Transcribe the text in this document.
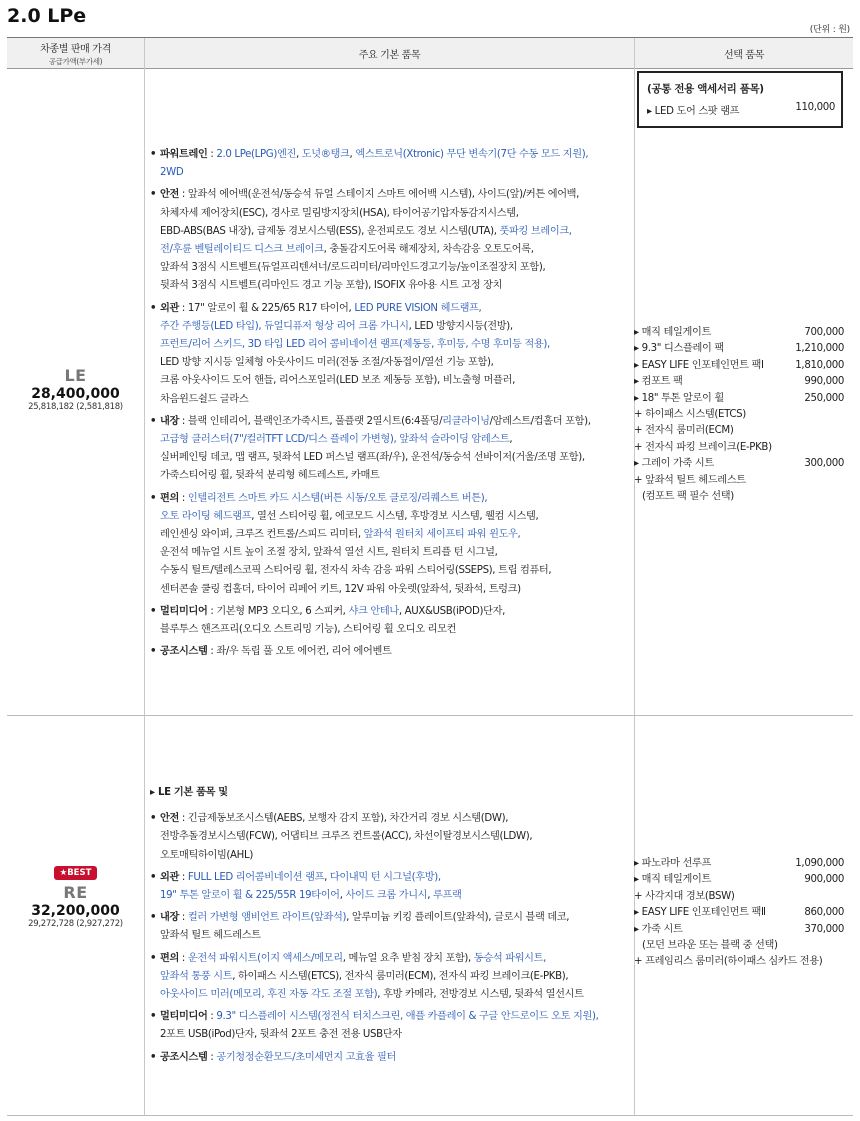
2.0 LPe
(단위 : 원)
차종별 판매 가격
공급가액(부가세)
주요 기본 품목	선택 품목
(공통 전용 액세서리 품목)
▸ LED 도어 스팟 램프	110,000
LE
28,400,000
25,818,182 (2,581,818)
• 파워트레인 : 2.0 LPe(LPG)엔진, 도넛®탱크, 엑스트로닉(Xtronic) 무단 변속기(7단 수동 모드 지원),
2WD
• 안전 : 앞좌석 에어백(운전석/동승석 듀얼 스테이지 스마트 에어백 시스템), 사이드(앞)/커튼 에어백,
차체자세 제어장치(ESC), 경사로 밀림방지장치(HSA), 타이어공기압자동감지시스템,
EBD-ABS(BAS 내장), 급제동 경보시스템(ESS), 운전피로도 경보 시스템(UTA), 풋파킹 브레이크,
전/후륜 벤틸레이티드 디스크 브레이크, 충돌감지도어록 해제장치, 차속감응 오토도어록,
앞좌석 3점식 시트벨트(듀얼프리텐셔너/로드리미터/리마인드경고기능/높이조절장치 포함),
뒷좌석 3점식 시트벨트(리마인드 경고 기능 포함), ISOFIX 유아용 시트 고정 장치
• 외관 : 17" 알로이 휠 & 225/65 R17 타이어, LED PURE VISION 헤드램프,
주간 주행등(LED 타입), 듀얼디퓨저 형상 리어 크롬 가니시, LED 방향지시등(전방),
프런트/리어 스키드, 3D 타입 LED 리어 콤비네이션 램프(제동등, 후미등, 수명 후미등 적용),
LED 방향 지시등 일체형 아웃사이드 미러(전동 조절/자동접이/열선 기능 포함),
크롬 아웃사이드 도어 핸들, 리어스포일러(LED 보조 제동등 포함), 비노출형 머플러,
차음윈드쉴드 글라스
• 내장 : 블랙 인테리어, 블랙인조가죽시트, 풀플랫 2열시트(6:4폴딩/리클라이닝/암레스트/컵홀더 포함),
고급형 클러스터(7"/컬러TFT LCD/디스 플레이 가변형), 앞좌석 슬라이딩 암레스트,
실버페인팅 데코, 맵 램프, 뒷좌석 LED 퍼스널 램프(좌/우), 운전석/동승석 선바이저(거울/조명 포함),
가죽스티어링 휠, 뒷좌석 분리형 헤드레스트, 카매트
• 편의 : 인텔리전트 스마트 카드 시스템(버튼 시동/오토 클로징/리퀘스트 버튼),
오토 라이팅 헤드램프, 열선 스티어링 휠, 에코모드 시스템, 후방경보 시스템, 웰컴 시스템,
레인센싱 와이퍼, 크루즈 컨트롤/스피드 리미터, 앞좌석 원터치 세이프티 파워 윈도우,
운전석 메뉴얼 시트 높이 조절 장치, 앞좌석 열선 시트, 원터치 트리플 턴 시그널,
수동식 틸트/텔레스코픽 스티어링 휠, 전자식 차속 감응 파워 스티어링(SSEPS), 트립 컴퓨터,
센터콘솔 쿨링 컵홀더, 타이어 리페어 키트, 12V 파워 아웃렛(앞좌석, 뒷좌석, 트렁크)
• 멀티미디어 : 기본형 MP3 오디오, 6 스피커, 샤크 안테나, AUX&USB(iPOD)단자,
블루투스 핸즈프리(오디오 스트리밍 기능), 스티어링 휠 오디오 리모컨
• 공조시스템 : 좌/우 독립 풀 오토 에어컨, 리어 에어벤트
▸ 매직 테일게이트	700,000
▸ 9.3" 디스플레이 팩	1,210,000
▸ EASY LIFE 인포테인먼트 팩Ⅰ	1,810,000
▸ 컴포트 팩	990,000
▸ 18" 투톤 알로이 휠	250,000
+ 하이패스 시스템(ETCS)
+ 전자식 룸미러(ECM)
+ 전자식 파킹 브레이크(E-PKB)
▸ 그레이 가죽 시트	300,000
+ 앞좌석 틸트 헤드레스트
(컴포트 팩 필수 선택)
★BEST
RE
32,200,000
29,272,728 (2,927,272)
▸ LE 기본 품목 및
• 안전 : 긴급제동보조시스템(AEBS, 보행자 감지 포함), 차간거리 경보 시스템(DW),
전방추돌경보시스템(FCW), 어댑티브 크루즈 컨트롤(ACC), 차선이탈경보시스템(LDW),
오토매틱하이빔(AHL)
• 외관 : FULL LED 리어콤비네이션 램프, 다이내믹 턴 시그널(후방),
19" 투톤 알로이 휠 & 225/55R 19타이어, 사이드 크롬 가니시, 루프랙
• 내장 : 컬러 가변형 앰비언트 라이트(앞좌석), 알루미늄 키킹 플레이트(앞좌석), 글로시 블랙 데코,
앞좌석 틸트 헤드레스트
• 편의 : 운전석 파워시트(이지 액세스/메모리, 메뉴얼 요추 받침 장치 포함), 동승석 파워시트,
앞좌석 통풍 시트, 하이패스 시스템(ETCS), 전자식 룸미러(ECM), 전자식 파킹 브레이크(E-PKB),
아웃사이드 미러(메모리, 후진 자동 각도 조절 포함), 후방 카메라, 전방경보 시스템, 뒷좌석 열선시트
• 멀티미디어 : 9.3" 디스플레이 시스템(정전식 터치스크린, 애플 카플레이 & 구글 안드로이드 오토 지원),
2포트 USB(iPod)단자, 뒷좌석 2포트 충전 전용 USB단자
• 공조시스템 : 공기청정순환모드/초미세먼지 고효율 필터
▸ 파노라마 선루프	1,090,000
▸ 매직 테일게이트	900,000
+ 사각지대 경보(BSW)
▸ EASY LIFE 인포테인먼트 팩Ⅱ	860,000
▸ 가죽 시트	370,000
(모던 브라운 또는 블랙 중 선택)
+ 프레임리스 룸미러(하이패스 심카드 전용)
